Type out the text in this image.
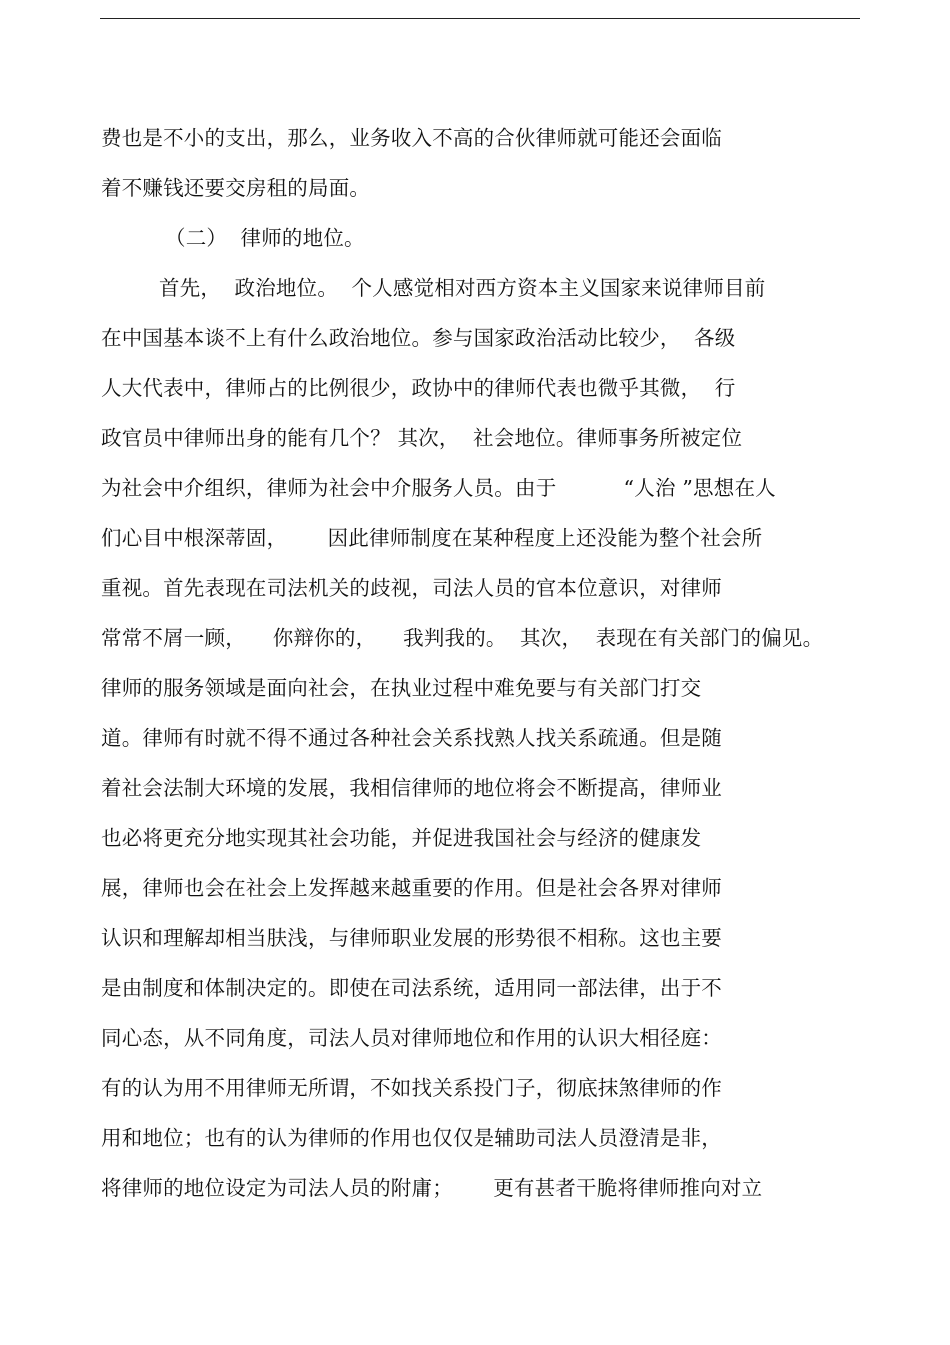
费也是不小的支出，那么，业务收入不高的合伙律师就可能还会面临
着不赚钱还要交房租的局面。
（二）  律师的地位。
首先，  政治地位。  个人感觉相对西方资本主义国家来说律师目前
在中国基本谈不上有什么政治地位。参与国家政治活动比较少，  各级
人大代表中，律师占的比例很少，政协中的律师代表也微乎其微，  行
政官员中律师出身的能有几个？ 其次，  社会地位。律师事务所被定位
为社会中介组织，律师为社会中介服务人员。由于          “人治 ”思想在人
们心目中根深蒂固，      因此律师制度在某种程度上还没能为整个社会所
重视。首先表现在司法机关的歧视，司法人员的官本位意识，对律师
常常不屑一顾，    你辩你的，    我判我的。  其次，  表现在有关部门的偏见。
律师的服务领域是面向社会，在执业过程中难免要与有关部门打交
道。律师有时就不得不通过各种社会关系找熟人找关系疏通。但是随
着社会法制大环境的发展，我相信律师的地位将会不断提高，律师业
也必将更充分地实现其社会功能，并促进我国社会与经济的健康发
展，律师也会在社会上发挥越来越重要的作用。但是社会各界对律师
认识和理解却相当肤浅，与律师职业发展的形势很不相称。这也主要
是由制度和体制决定的。即使在司法系统，适用同一部法律，出于不
同心态，从不同角度，司法人员对律师地位和作用的认识大相径庭：
有的认为用不用律师无所谓，不如找关系投门子，彻底抹煞律师的作
用和地位；也有的认为律师的作用也仅仅是辅助司法人员澄清是非，
将律师的地位设定为司法人员的附庸；      更有甚者干脆将律师推向对立
